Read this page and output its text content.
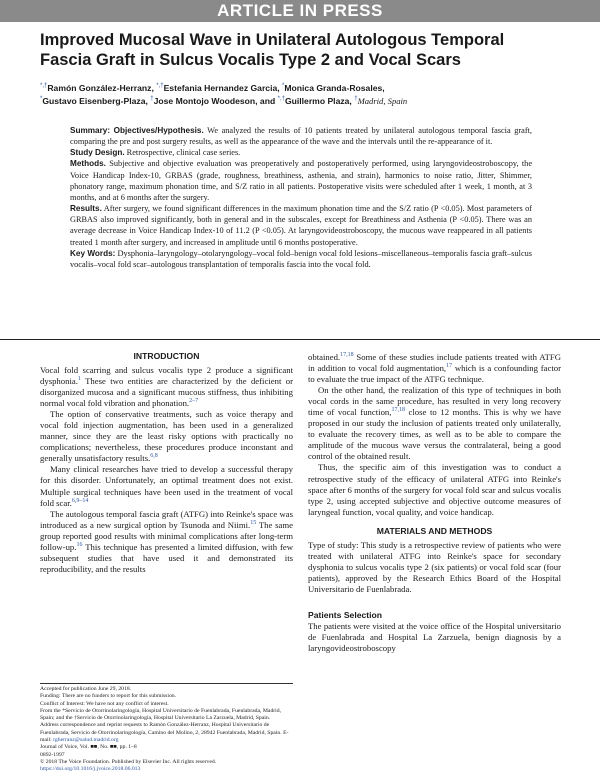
ARTICLE IN PRESS
Improved Mucosal Wave in Unilateral Autologous Temporal Fascia Graft in Sulcus Vocalis Type 2 and Vocal Scars
*,†Ramón González-Herranz, *,†Estefania Hernandez Garcia, *Monica Granda-Rosales,
*Gustavo Eisenberg-Plaza, †Jose Montojo Woodeson, and *,†Guillermo Plaza, †Madrid, Spain

Summary: Objectives/Hypothesis. We analyzed the results of 10 patients treated by unilateral autologous temporal fascia graft, comparing the pre and post surgery results, as well as the appearance of the wave and the intervals until the re-appearance of it.

Study Design. Retrospective, clinical case series.

Methods. Subjective and objective evaluation was preoperatively and postoperatively performed, using laryngovideostroboscopy, the Voice Handicap Index-10, GRBAS (grade, roughness, breathiness, asthenia, and strain), harmonics to noise ratio, Jitter, Shimmer, phonatory range, maximum phonation time, and S/Z ratio in all patients. Postoperative visits were scheduled after 1 week, 1 month, at 3 months, and at 6 months after the surgery.

Results. After surgery, we found significant differences in the maximum phonation time and the S/Z ratio (P <0.05). Most parameters of GRBAS also improved significantly, both in general and in the subscales, except for Breathiness and Asthenia (P <0.05). There was an average decrease in Voice Handicap Index-10 of 11.2 (P <0.05). At laryngovideostroboscopy, the mucous wave reappeared in all patients treated 1 month after surgery, and increased in amplitude until 6 months postoperative.

Key Words: Dysphonia–laryngology–otolaryngology–vocal fold–benign vocal fold lesions–miscellaneous–temporalis fascia graft–sulcus vocalis–vocal fold scar–autologous transplantation of temporalis fascia into the vocal fold.

INTRODUCTION

Vocal fold scarring and sulcus vocalis type 2 produce a significant dysphonia.$^1$ These two entities are characterized by the deficient or disorganized mucosa and a significant mucous stiffness, thus inhibiting normal vocal fold vibration and phonation.$^{2-7}$

The option of conservative treatments, such as voice therapy and vocal fold injection augmentation, has been used in a generalized manner, since they are the least risky options with practically no complications; nevertheless, these procedures produce inconstant and generally unsatisfactory results.$^{6,8}$

Many clinical researches have tried to develop a successful therapy for this disorder. Unfortunately, an optimal treatment does not exist. Multiple surgical techniques have been used in the treatment of vocal fold scar.$^{6,9-14}$

The autologous temporal fascia graft (ATFG) into Reinke's space was introduced as a new surgical option by Tsunoda and Niimi.$^{15}$ The same group reported good results with minimal complications after long-term follow-up.$^{16}$ This technique has presented a limited diffusion, with few subsequent studies that have used it and demonstrated its reproducibility, and the results

obtained.$^{17,18}$ Some of these studies include patients treated with ATFG in addition to vocal fold augmentation,$^{17}$ which is a confounding factor to evaluate the true impact of the ATFG technique.

On the other hand, the realization of this type of techniques in both vocal cords in the same procedure, has resulted in very long recovery time of vocal function,$^{17,18}$ close to 12 months. This is why we have proposed in our study the inclusion of patients treated only unilaterally, to evaluate the recovery times, as well as to be able to compare the amplitude of the mucous wave versus the contralateral, being a good control of the obtained result.

Thus, the specific aim of this investigation was to conduct a retrospective study of the efficacy of unilateral ATFG into Reinke's space after 6 months of the surgery for vocal fold scar and sulcus vocalis type 2, using accepted subjective and objective outcome measures of laryngeal function, vocal quality, and voice handicap.

MATERIALS AND METHODS

Type of study: This study is a retrospective review of patients who were treated with unilateral ATFG into Reinke's space for secondary dysphonia to sulcus vocalis type 2 (six patients) or vocal fold scar (four patients), approved by the Research Ethics Board of the Hospital Universitario de Fuenlabrada.

Patients Selection

The patients were visited at the voice office of the Hospital universitario de Fuenlabrada and Hospital La Zarzuela, benign diagnosis by a laryngovideostroboscopy

Accepted for publication June 29, 2018.
Funding: There are no funders to report for this submission.
Conflict of Interest: We have not any conflict of interest.
From the *Servicio de Otorrinolaringología, Hospital Universitario de Fuenlabrada, Fuenlabrada, Madrid, Spain; and the †Servicio de Otorrinolaringología, Hospital Universitario La Zarzuela, Madrid, Spain.
Address correspondence and reprint requests to Ramón González-Herranz, Hospital Universitario de Fuenlabrada, Servicio de Otorrinolaringología, Camino del Molino, 2, 28942 Fuenlabrada, Madrid, Spain. E-mail: rgherranz@salud.madrid.org
Journal of Voice, Vol. ■■, No. ■■, pp. 1–8
0892-1997
© 2018 The Voice Foundation. Published by Elsevier Inc. All rights reserved.
https://doi.org/10.1016/j.jvoice.2018.06.013
